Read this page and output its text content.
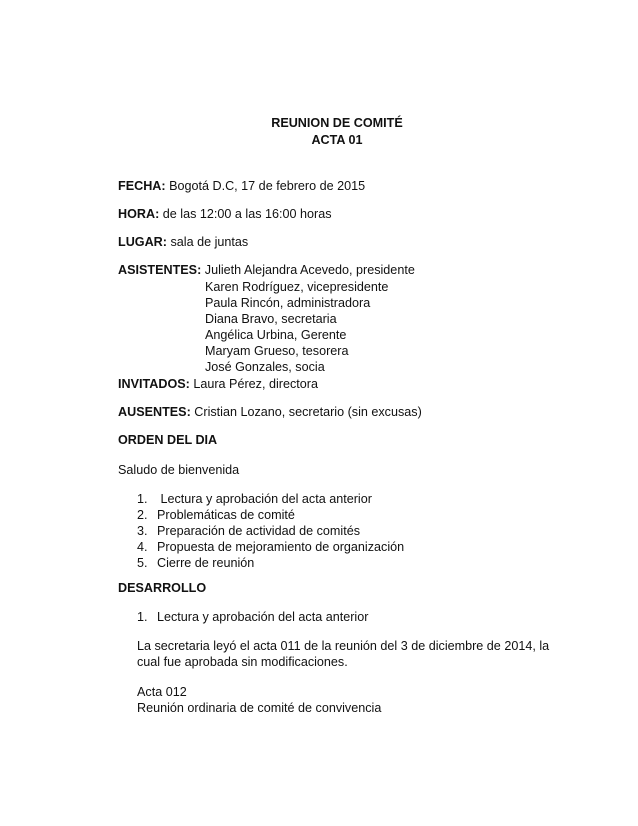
REUNION DE COMITÉ
ACTA 01
FECHA: Bogotá D.C, 17 de febrero de 2015
HORA: de las 12:00 a las 16:00 horas
LUGAR: sala de juntas
ASISTENTES: Julieth Alejandra Acevedo, presidente
Karen Rodríguez, vicepresidente
Paula Rincón, administradora
Diana Bravo, secretaria
Angélica Urbina, Gerente
Maryam Grueso, tesorera
José Gonzales, socia
INVITADOS: Laura Pérez, directora
AUSENTES: Cristian Lozano, secretario (sin excusas)
ORDEN DEL DIA
Saludo de bienvenida
1. Lectura y aprobación del acta anterior
2. Problemáticas de comité
3. Preparación de actividad de comités
4. Propuesta de mejoramiento de organización
5. Cierre de reunión
DESARROLLO
1. Lectura y aprobación del acta anterior
La secretaria leyó el acta 011 de la reunión del 3 de diciembre de 2014, la
cual fue aprobada sin modificaciones.
Acta 012
Reunión ordinaria de comité de convivencia
